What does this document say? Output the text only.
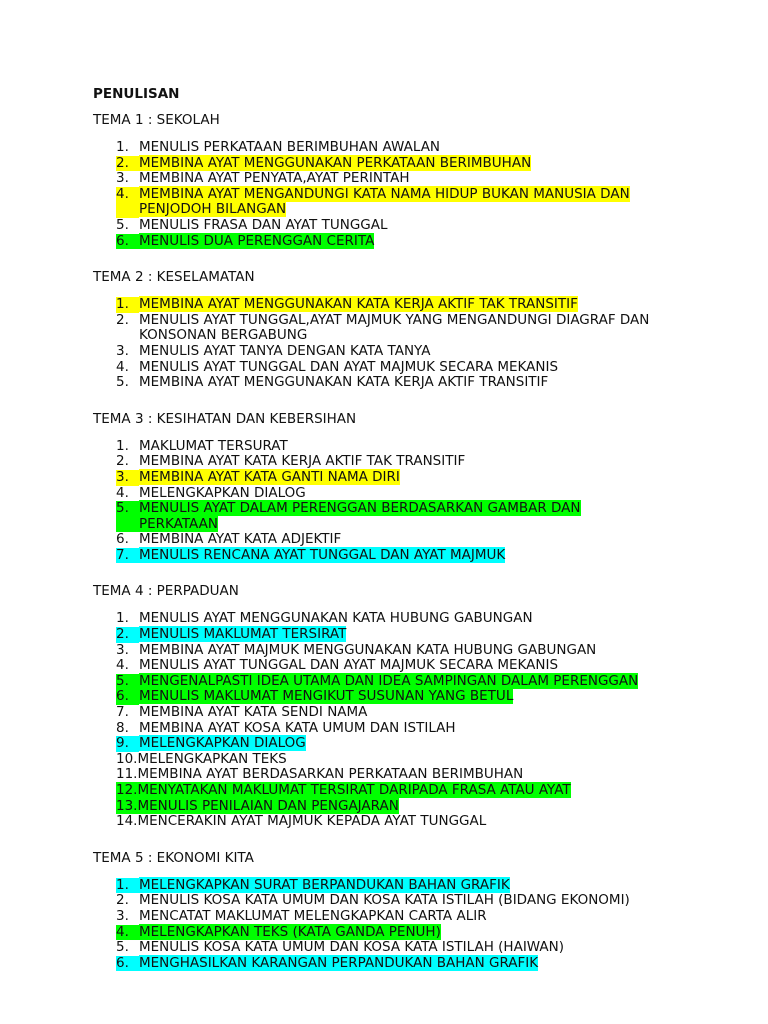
PENULISAN
TEMA 1 : SEKOLAH
1. MENULIS PERKATAAN BERIMBUHAN AWALAN
2. MEMBINA AYAT MENGGUNAKAN PERKATAAN BERIMBUHAN
3. MEMBINA AYAT PENYATA,AYAT PERINTAH
4. MEMBINA AYAT MENGANDUNGI KATA NAMA HIDUP BUKAN MANUSIA DAN PENJODOH BILANGAN
5. MENULIS FRASA DAN AYAT TUNGGAL
6. MENULIS DUA PERENGGAN CERITA
TEMA 2 : KESELAMATAN
1. MEMBINA AYAT MENGGUNAKAN KATA KERJA AKTIF TAK TRANSITIF
2. MENULIS AYAT TUNGGAL,AYAT MAJMUK YANG MENGANDUNGI DIAGRAF DAN KONSONAN BERGABUNG
3. MENULIS AYAT TANYA DENGAN KATA TANYA
4. MENULIS AYAT TUNGGAL DAN AYAT MAJMUK SECARA MEKANIS
5. MEMBINA AYAT MENGGUNAKAN KATA KERJA AKTIF TRANSITIF
TEMA 3 : KESIHATAN DAN KEBERSIHAN
1. MAKLUMAT TERSURAT
2. MEMBINA AYAT KATA KERJA AKTIF TAK TRANSITIF
3. MEMBINA AYAT KATA GANTI NAMA DIRI
4. MELENGKAPKAN DIALOG
5. MENULIS AYAT DALAM PERENGGAN BERDASARKAN GAMBAR DAN PERKATAAN
6. MEMBINA AYAT KATA ADJEKTIF
7. MENULIS RENCANA AYAT TUNGGAL DAN AYAT MAJMUK
TEMA 4 : PERPADUAN
1. MENULIS AYAT MENGGUNAKAN KATA HUBUNG GABUNGAN
2. MENULIS MAKLUMAT TERSIRAT
3. MEMBINA AYAT MAJMUK MENGGUNAKAN KATA HUBUNG GABUNGAN
4. MENULIS AYAT TUNGGAL DAN AYAT MAJMUK SECARA MEKANIS
5. MENGENALPASTI IDEA UTAMA DAN IDEA SAMPINGAN DALAM PERENGGAN
6. MENULIS MAKLUMAT MENGIKUT SUSUNAN YANG BETUL
7. MEMBINA AYAT KATA SENDI NAMA
8. MEMBINA AYAT KOSA KATA UMUM DAN ISTILAH
9. MELENGKAPKAN DIALOG
10.MELENGKAPKAN TEKS
11.MEMBINA AYAT BERDASARKAN PERKATAAN BERIMBUHAN
12.MENYATAKAN MAKLUMAT TERSIRAT DARIPADA FRASA ATAU AYAT
13.MENULIS PENILAIAN DAN PENGAJARAN
14.MENCERAKIN AYAT MAJMUK KEPADA AYAT TUNGGAL
TEMA 5 : EKONOMI KITA
1. MELENGKAPKAN SURAT BERPANDUKAN BAHAN GRAFIK
2. MENULIS KOSA KATA UMUM DAN KOSA KATA ISTILAH (BIDANG EKONOMI)
3. MENCATAT MAKLUMAT MELENGKAPKAN CARTA ALIR
4. MELENGKAPKAN TEKS (KATA GANDA PENUH)
5. MENULIS KOSA KATA UMUM DAN KOSA KATA ISTILAH (HAIWAN)
6. MENGHASILKAN KARANGAN PERPANDUKAN BAHAN GRAFIK
